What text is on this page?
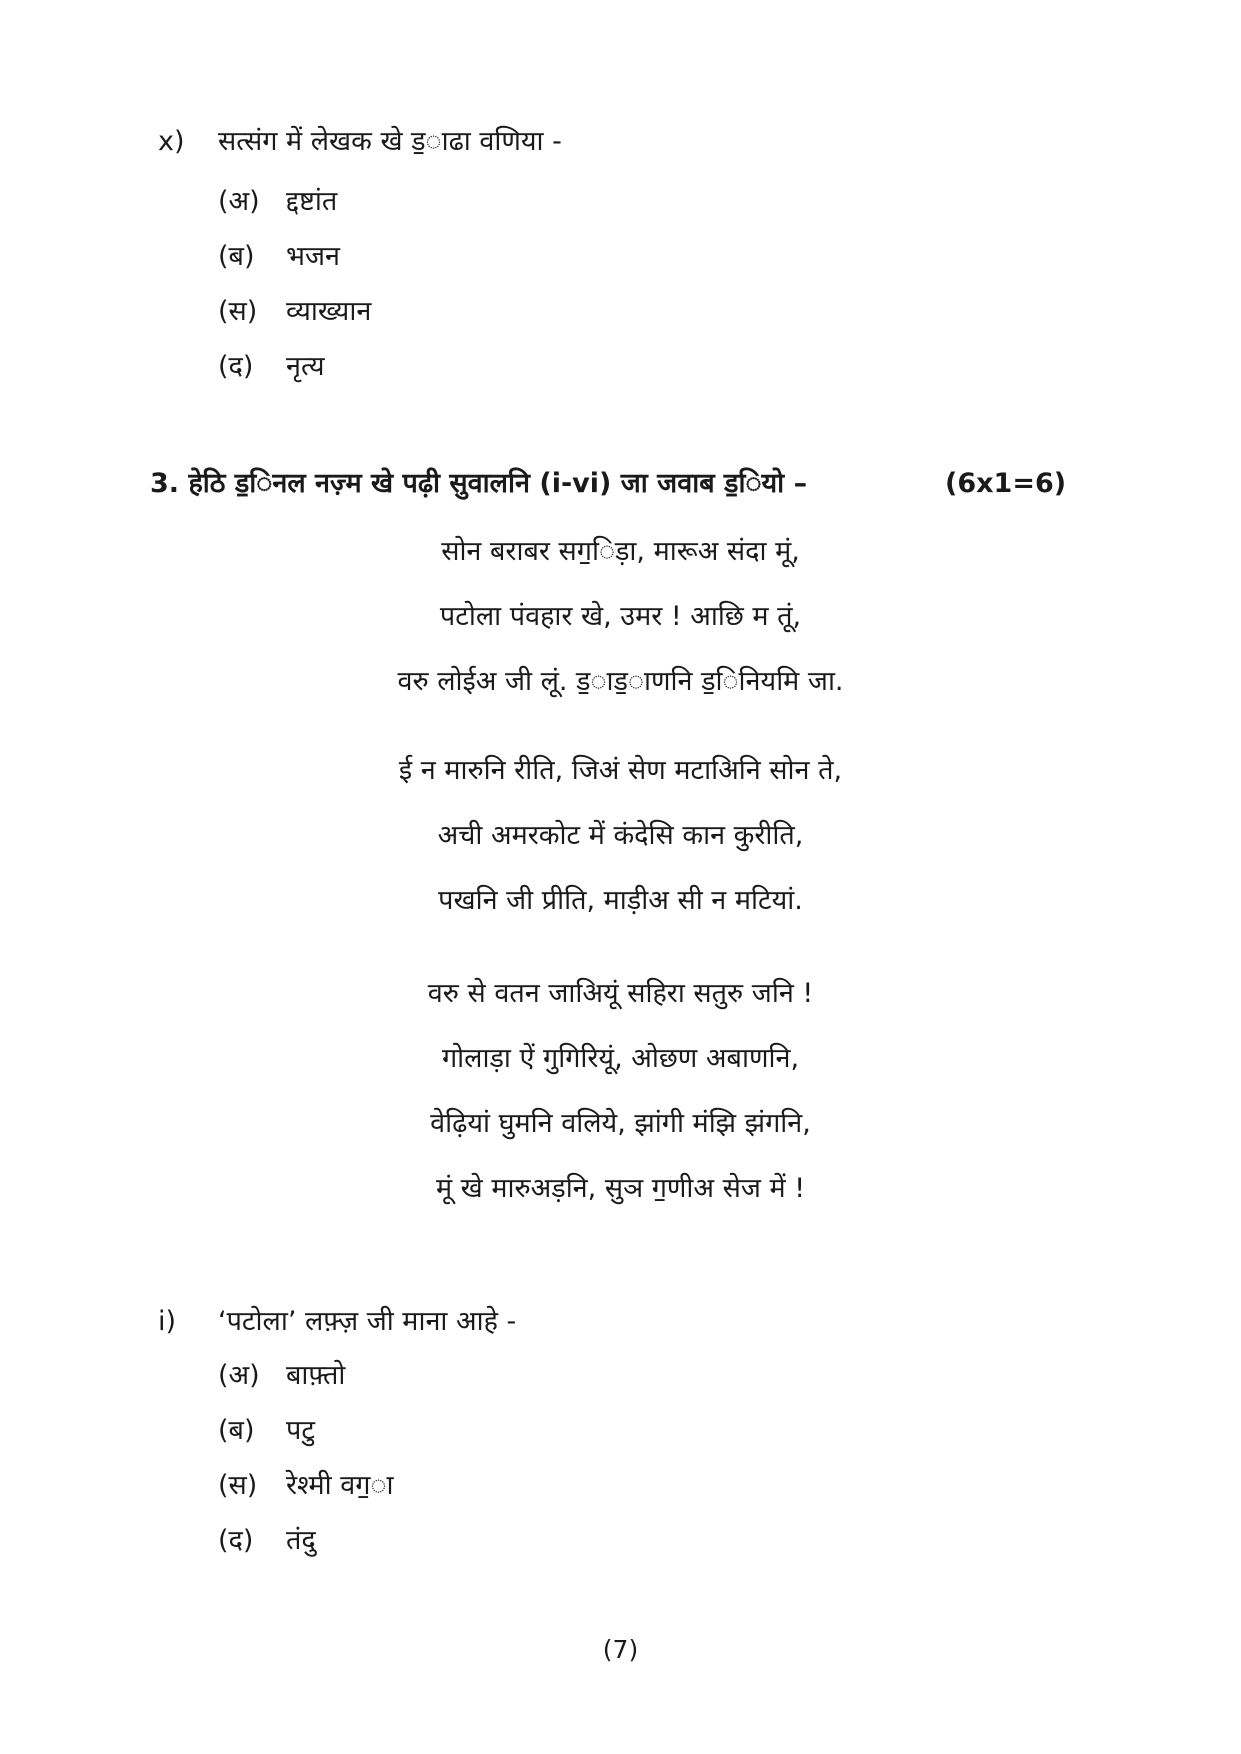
x) सत्संग में लेखक खे ड॒ाढा वणिया -
(अ) द्दष्टांत
(ब) भजन
(स) व्याख्यान
(द) नृत्य
3. हेठि ड॒िनल नज़्म खे पढ़ी सुवालनि (i-vi) जा जवाब ड॒ियो –	(6x1=6)
सोन बराबर सग॒िड़ा, मारूअ संदा मूं,
पटोला पंवहार खे, उमर ! आछि म तूं,
वरु लोईअ जी लूं. ड॒ाड॒ाणनि ड॒िनियमि जा.
ई न मारुनि रीति, जिअं सेण मटाअिनि सोन ते,
अची अमरकोट में कंदेसि कान कुरीति,
पखनि जी प्रीति, माड़ीअ सी न मटियां.
वरु से वतन जाअियूं सहिरा सतुरु जनि !
गोलाड़ा ऐं गुगिरियूं, ओछण अबाणनि,
वेढ़ियां घुमनि वलिये, झांगी मंझि झंगनि,
मूं खे मारुअड़नि, सुञ ग॒णीअ सेज में !
i) ‘पटोला’ लफ़्ज़ जी माना आहे -
(अ) बाफ़्तो
(ब) पटु
(स) रेश्मी वग॒ा
(द) तंदु
(7)
